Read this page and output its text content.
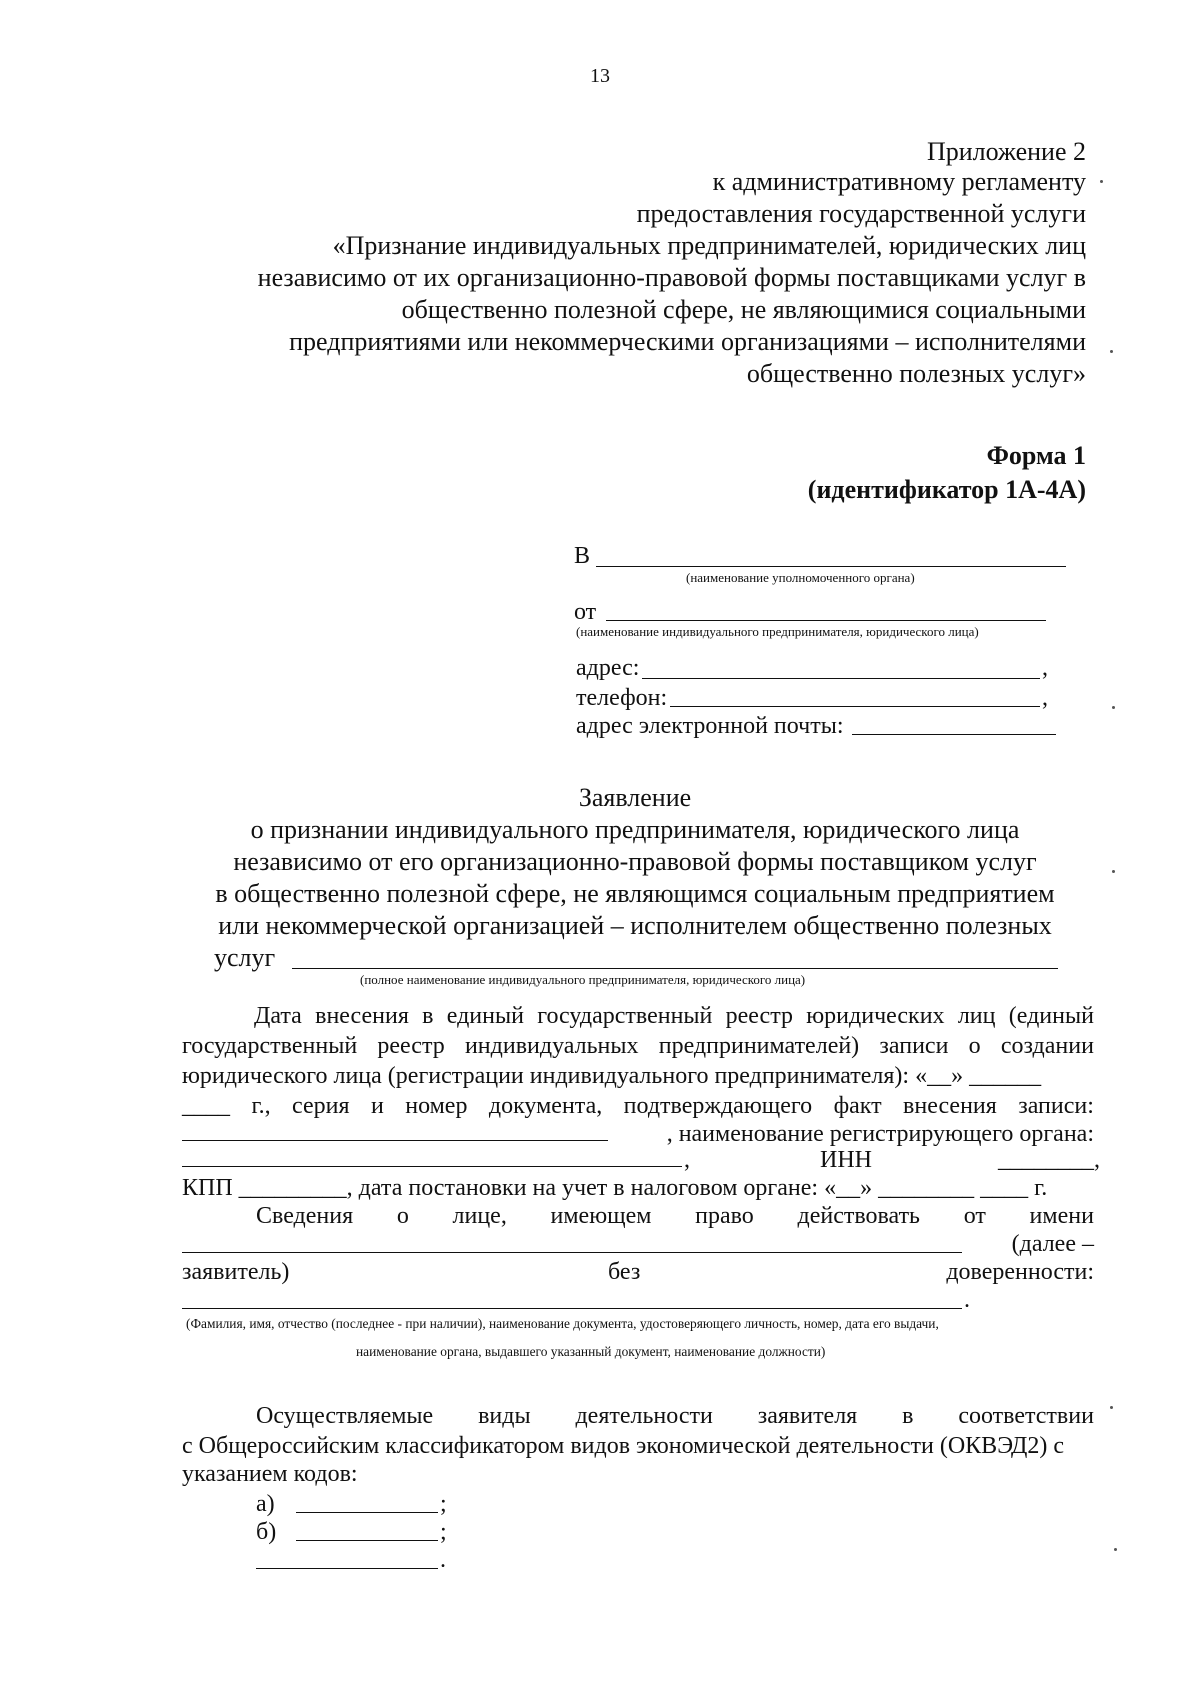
13
Приложение 2
к административному регламенту
предоставления государственной услуги
«Признание индивидуальных предпринимателей, юридических лиц
независимо от их организационно-правовой формы поставщиками услуг в
общественно полезной сфере, не являющимися социальными
предприятиями или некоммерческими организациями – исполнителями
общественно полезных услуг»
Форма 1
(идентификатор 1А-4А)
В
(наименование уполномоченного органа)
от
(наименование индивидуального предпринимателя, юридического лица)
адрес:	,
телефон:	,
адрес электронной почты:
Заявление
о признании индивидуального предпринимателя, юридического лица
независимо от его организационно-правовой формы поставщиком услуг
в общественно полезной сфере, не являющимся социальным предприятием
или некоммерческой организацией – исполнителем общественно полезных
услуг
(полное наименование индивидуального предпринимателя, юридического лица)
Дата внесения в единый государственный реестр юридических лиц (единый
государственный реестр индивидуальных предпринимателей) записи о создании
юридического лица (регистрации индивидуального предпринимателя): «__» ______
____ г., серия и номер документа, подтверждающего факт внесения записи:
, наименование регистрирующего органа:
,	ИНН	________,
КПП _________, дата постановки на учет в налоговом органе: «__» ________ ____ г.
Сведения о лице, имеющем право действовать от имени
(далее –
заявитель)	без	доверенности:
.
(Фамилия, имя, отчество (последнее - при наличии), наименование документа, удостоверяющего личность, номер, дата его выдачи,
наименование органа, выдавшего указанный документ, наименование должности)
Осуществляемые виды деятельности заявителя в соответствии
с Общероссийским классификатором видов экономической деятельности (ОКВЭД2) с
указанием кодов:
а)	;
б)	;
.
